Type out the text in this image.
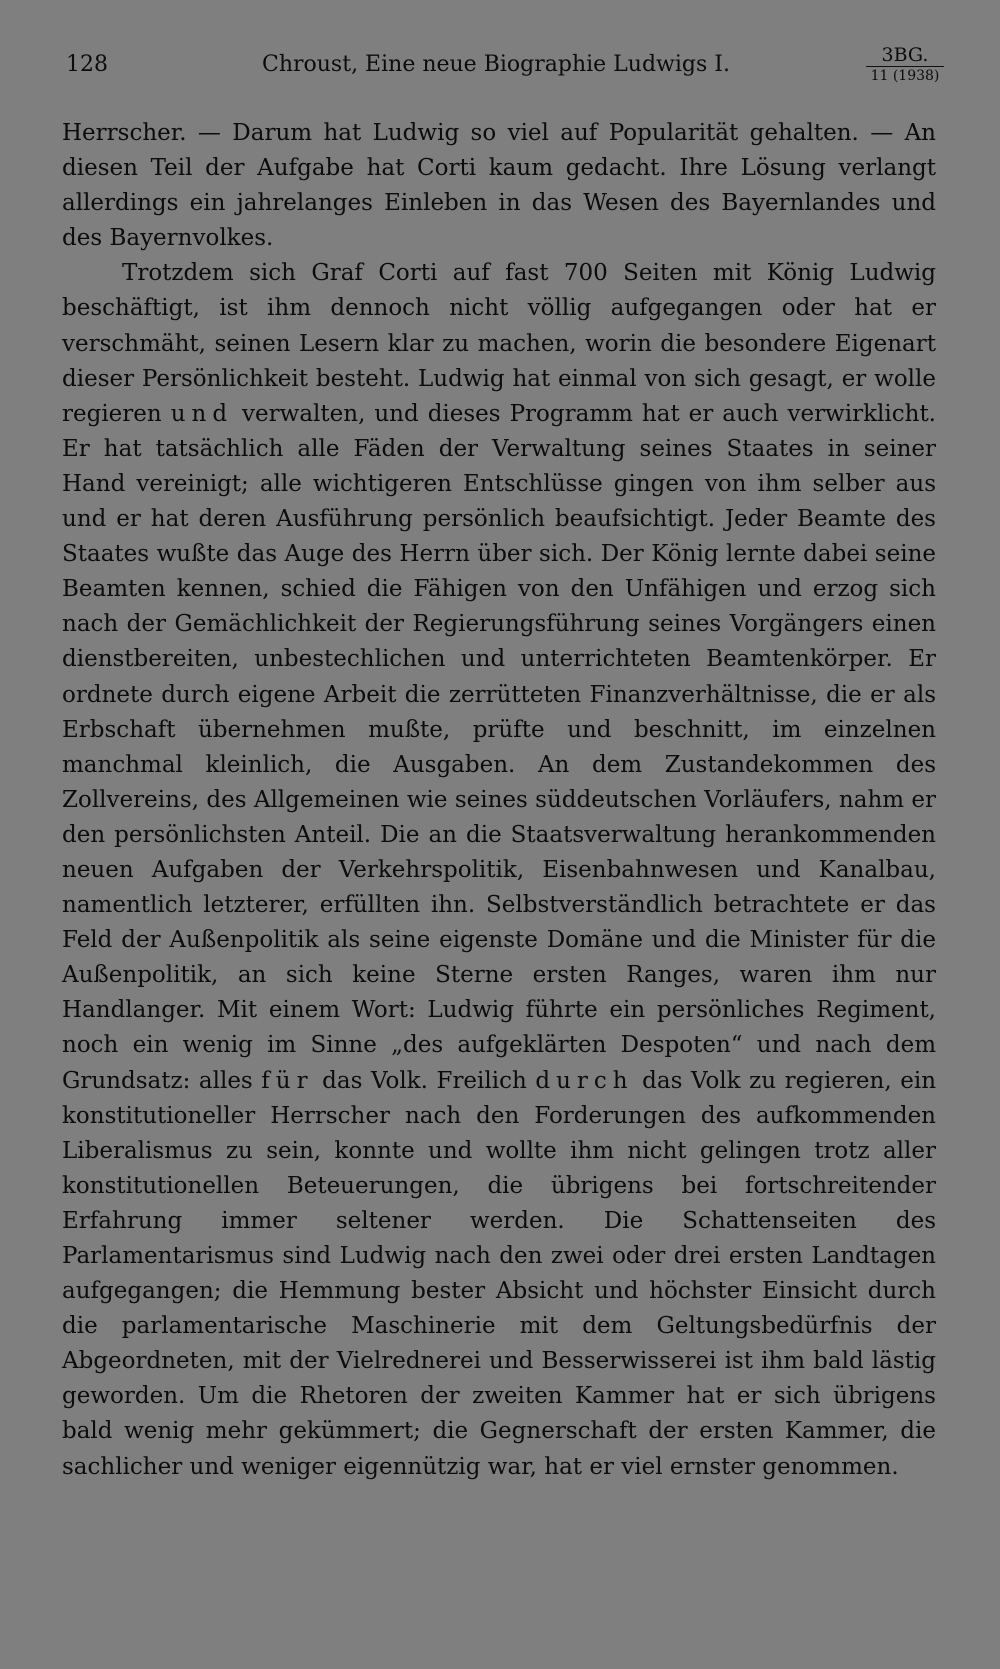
128	Chroust, Eine neue Biographie Ludwigs I.	3BG.
11 (1938)

Herrscher. — Darum hat Ludwig so viel auf Popularität gehalten. — An diesen Teil der Aufgabe hat Corti kaum gedacht. Ihre Lösung verlangt allerdings ein jahrelanges Einleben in das Wesen des Bayernlandes und des Bayernvolkes.

Trotzdem sich Graf Corti auf fast 700 Seiten mit König Ludwig beschäftigt, ist ihm dennoch nicht völlig aufgegangen oder hat er verschmäht, seinen Lesern klar zu machen, worin die besondere Eigenart dieser Persönlichkeit besteht. Ludwig hat einmal von sich gesagt, er wolle regieren und verwalten, und dieses Programm hat er auch verwirklicht. Er hat tatsächlich alle Fäden der Verwaltung seines Staates in seiner Hand vereinigt; alle wichtigeren Entschlüsse gingen von ihm selber aus und er hat deren Ausführung persönlich beaufsichtigt. Jeder Beamte des Staates wußte das Auge des Herrn über sich. Der König lernte dabei seine Beamten kennen, schied die Fähigen von den Unfähigen und erzog sich nach der Gemächlichkeit der Regierungsführung seines Vorgängers einen dienstbereiten, unbestechlichen und unterrichteten Beamtenkörper. Er ordnete durch eigene Arbeit die zerrütteten Finanzverhältnisse, die er als Erbschaft übernehmen mußte, prüfte und beschnitt, im einzelnen manchmal kleinlich, die Ausgaben. An dem Zustandekommen des Zollvereins, des Allgemeinen wie seines süddeutschen Vorläufers, nahm er den persönlichsten Anteil. Die an die Staatsverwaltung herankommenden neuen Aufgaben der Verkehrspolitik, Eisenbahnwesen und Kanalbau, namentlich letzterer, erfüllten ihn. Selbstverständlich betrachtete er das Feld der Außenpolitik als seine eigenste Domäne und die Minister für die Außenpolitik, an sich keine Sterne ersten Ranges, waren ihm nur Handlanger. Mit einem Wort: Ludwig führte ein persönliches Regiment, noch ein wenig im Sinne „des aufgeklärten Despoten“ und nach dem Grundsatz: alles für das Volk. Freilich durch das Volk zu regieren, ein konstitutioneller Herrscher nach den Forderungen des aufkommenden Liberalismus zu sein, konnte und wollte ihm nicht gelingen trotz aller konstitutionellen Beteuerungen, die übrigens bei fortschreitender Erfahrung immer seltener werden. Die Schattenseiten des Parlamentarismus sind Ludwig nach den zwei oder drei ersten Landtagen aufgegangen; die Hemmung bester Absicht und höchster Einsicht durch die parlamentarische Maschinerie mit dem Geltungsbedürfnis der Abgeordneten, mit der Vielrednerei und Besserwisserei ist ihm bald lästig geworden. Um die Rhetoren der zweiten Kammer hat er sich übrigens bald wenig mehr gekümmert; die Gegnerschaft der ersten Kammer, die sachlicher und weniger eigennützig war, hat er viel ernster genommen.
